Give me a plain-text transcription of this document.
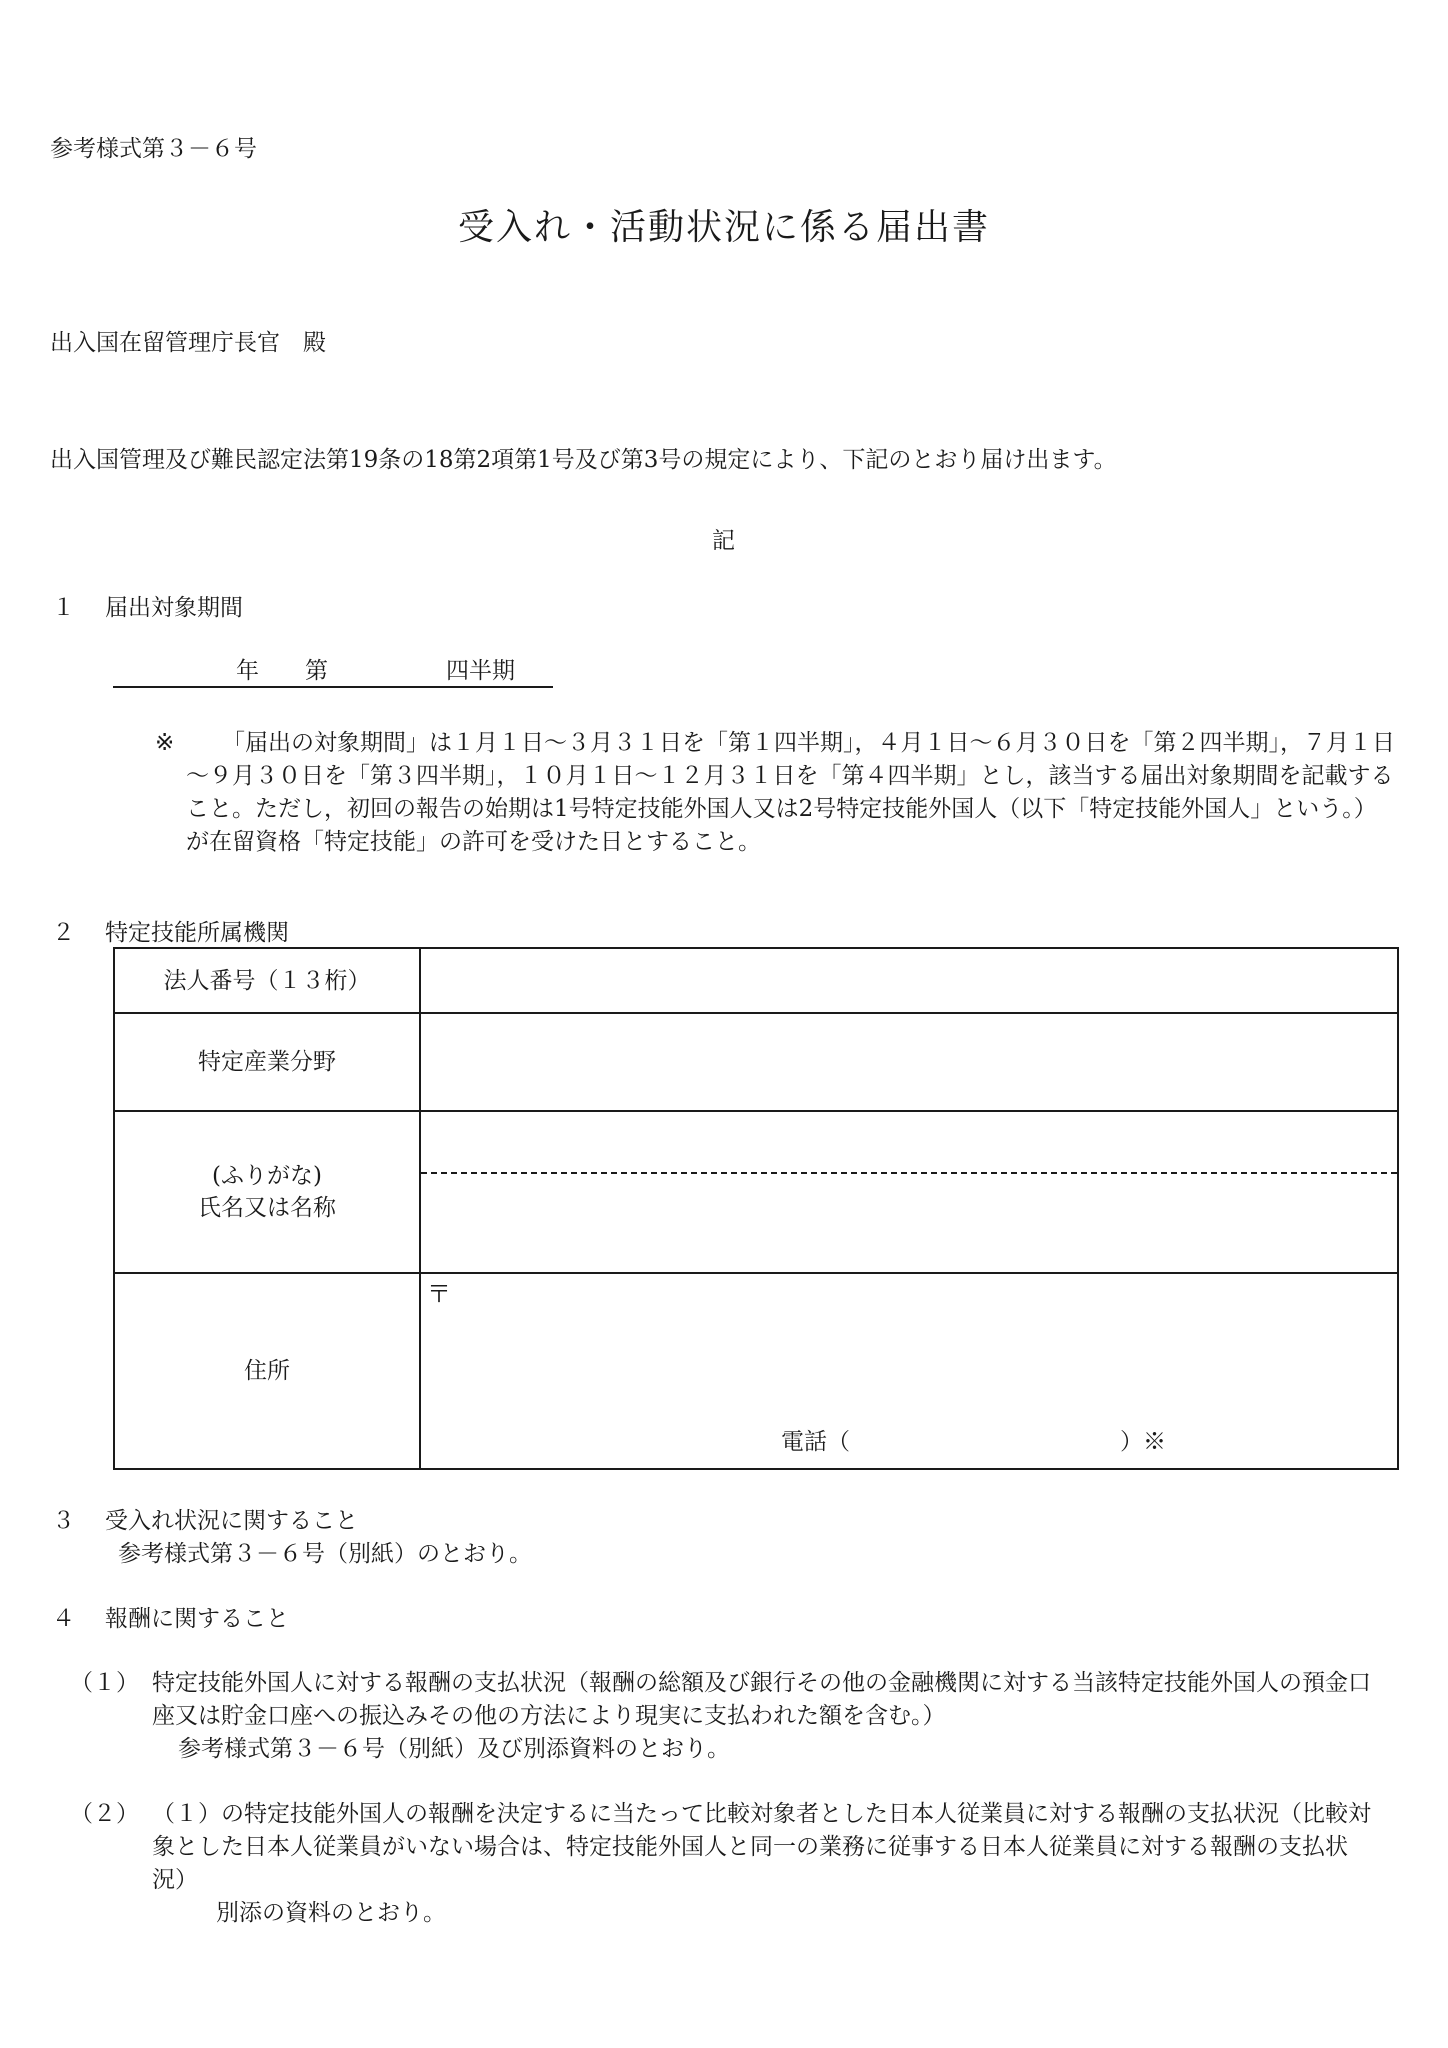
参考様式第３－６号
受入れ・活動状況に係る届出書
出入国在留管理庁長官　殿
出入国管理及び難民認定法第19条の18第2項第1号及び第3号の規定により、下記のとおり届け出ます。
記
１ 届出対象期間
年 第	四半期
※	「届出の対象期間」は１月１日～３月３１日を「第１四半期」，４月１日～６月３０日を「第２四半期」，７月１日～９月３０日を「第３四半期」，１０月１日～１２月３１日を「第４四半期」とし，該当する届出対象期間を記載すること。ただし，初回の報告の始期は1号特定技能外国人又は2号特定技能外国人（以下「特定技能外国人」という。）が在留資格「特定技能」の許可を受けた日とすること。
２ 特定技能所属機関
法人番号（１３桁）	
特定産業分野	

(ふりがな)
氏名又は名称	

住所	〒
電話（ ）※
３ 受入れ状況に関すること
参考様式第３－６号（別紙）のとおり。
４ 報酬に関すること
（１） 特定技能外国人に対する報酬の支払状況（報酬の総額及び銀行その他の金融機関に対する当該特定技能外国人の預金口座又は貯金口座への振込みその他の方法により現実に支払われた額を含む。）
参考様式第３－６号（別紙）及び別添資料のとおり。
（２） （１）の特定技能外国人の報酬を決定するに当たって比較対象者とした日本人従業員に対する報酬の支払状況（比較対象とした日本人従業員がいない場合は、特定技能外国人と同一の業務に従事する日本人従業員に対する報酬の支払状況）
別添の資料のとおり。
